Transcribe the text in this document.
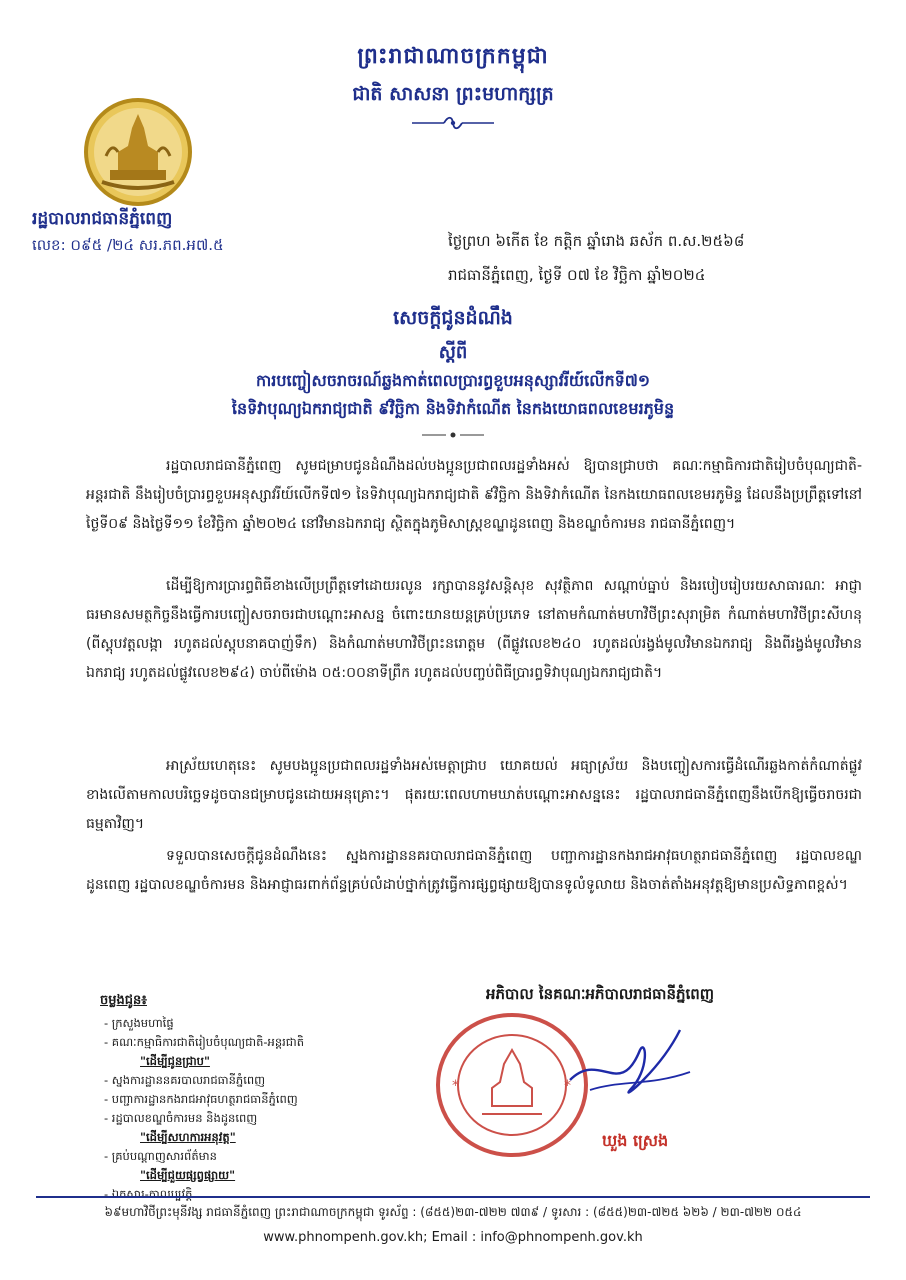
ព្រះរាជាណាចក្រកម្ពុជា
ជាតិ សាសនា ព្រះមហាក្សត្រ
រដ្ឋបាលរាជធានីភ្នំពេញ
លេខ: ០៩៥ /២៤ សរ.ភព.អ៧.៥	ថ្ងៃព្រហ ៦កើត ខែ កត្តិក ឆ្នាំរោង ឆស័ក ព.ស.២៥៦៨
រាជធានីភ្នំពេញ, ថ្ងៃទី ០៧ ខែ វិច្ឆិកា ឆ្នាំ២០២៤
សេចក្តីជូនដំណឹង
ស្តីពី
ការបញ្ចៀសចរាចរណ៍ឆ្លងកាត់ពេលប្រារព្ធខួបអនុស្សាវរីយ៍លើកទី៧១
នៃទិវាបុណ្យឯករាជ្យជាតិ ៩វិច្ឆិកា និងទិវាកំណើត នៃកងយោធពលខេមរភូមិន្ទ
រដ្ឋបាលរាជធានីភ្នំពេញ សូមជម្រាបជូនដំណឹងដល់បងប្អូនប្រជាពលរដ្ឋទាំងអស់ ឱ្យបានជ្រាបថា គណៈកម្មាធិការជាតិរៀបចំបុណ្យជាតិ-អន្តរជាតិ នឹងរៀបចំប្រារព្ធខួបអនុស្សាវរីយ៍លើកទី៧១ នៃទិវាបុណ្យឯករាជ្យជាតិ ៩វិច្ឆិកា និងទិវាកំណើត នៃកងយោធពលខេមរភូមិន្ទ ដែលនឹងប្រព្រឹត្តទៅនៅថ្ងៃទី០៩ និងថ្ងៃទី១១ ខែវិច្ឆិកា ឆ្នាំ២០២៤ នៅវិមានឯករាជ្យ ស្ថិតក្នុងភូមិសាស្ត្រខណ្ឌដូនពេញ និងខណ្ឌចំការមន រាជធានីភ្នំពេញ។
ដើម្បីឱ្យការប្រារព្ធពិធីខាងលើប្រព្រឹត្តទៅដោយរលូន រក្សាបាននូវសន្តិសុខ សុវត្ថិភាព សណ្តាប់ធ្នាប់ និងរបៀបរៀបរយសាធារណៈ អាជ្ញាធរមានសមត្ថកិច្ចនឹងធ្វើការបញ្ចៀសចរាចរជាបណ្តោះអាសន្ន ចំពោះយានយន្តគ្រប់ប្រភេទ នៅតាមកំណាត់មហាវិថីព្រះសុរាម្រិត កំណាត់មហាវិថីព្រះសីហនុ (ពីស្តុបវត្តលង្កា រហូតដល់ស្តុបនាគបាញ់ទឹក) និងកំណាត់មហាវិថីព្រះនរោត្តម (ពីផ្លូវលេខ២៤០ រហូតដល់រង្វង់មូលវិមានឯករាជ្យ និងពីរង្វង់មូលវិមានឯករាជ្យ រហូតដល់ផ្លូវលេខ២៩៤) ចាប់ពីម៉ោង ០៥:០០នាទីព្រឹក រហូតដល់បញ្ចប់ពិធីប្រារព្ធទិវាបុណ្យឯករាជ្យជាតិ។
អាស្រ័យហេតុនេះ សូមបងប្អូនប្រជាពលរដ្ឋទាំងអស់មេត្តាជ្រាប យោគយល់ អធ្យាស្រ័យ និងបញ្ចៀសការធ្វើដំណើរឆ្លងកាត់កំណាត់ផ្លូវខាងលើតាមកាលបរិច្ឆេទដូចបានជម្រាបជូនដោយអនុគ្រោះ។ ផុតរយៈពេលហាមឃាត់បណ្តោះអាសន្ននេះ រដ្ឋបាលរាជធានីភ្នំពេញនឹងបើកឱ្យធ្វើចរាចរជាធម្មតាវិញ។
ទទួលបានសេចក្តីជូនដំណឹងនេះ ស្នងការដ្ឋាននគរបាលរាជធានីភ្នំពេញ បញ្ជាការដ្ឋានកងរាជអាវុធហត្ថរាជធានីភ្នំពេញ រដ្ឋបាលខណ្ឌដូនពេញ រដ្ឋបាលខណ្ឌចំការមន និងអាជ្ញាធរពាក់ព័ន្ធគ្រប់លំដាប់ថ្នាក់ត្រូវធ្វើការផ្សព្វផ្សាយឱ្យបានទូលំទូលាយ និងចាត់តាំងអនុវត្តឱ្យមានប្រសិទ្ធភាពខ្ពស់។
អភិបាល នៃគណៈអភិបាលរាជធានីភ្នំពេញ
*	*
ឃួង ស្រេង
ចម្លងជូន៖
- ក្រសួងមហាផ្ទៃ
- គណៈកម្មាធិការជាតិរៀបចំបុណ្យជាតិ-អន្តរជាតិ
"ដើម្បីជូនជ្រាប"
- ស្នងការដ្ឋាននគរបាលរាជធានីភ្នំពេញ
- បញ្ជាការដ្ឋានកងរាជអាវុធហត្ថរាជធានីភ្នំពេញ
- រដ្ឋបាលខណ្ឌចំការមន និងដូនពេញ
"ដើម្បីសហការអនុវត្ត"
- គ្រប់បណ្តាញសារព័ត៌មាន
"ដើម្បីជួយផ្សព្វផ្សាយ"
- ឯកសារ-កាលប្បវត្តិ
៦៩មហាវិថីព្រះមុនីវង្ស រាជធានីភ្នំពេញ ព្រះរាជាណាចក្រកម្ពុជា ទូរស័ព្ទ : (៨៥៥)២៣-៧២២ ៧៣៩ / ទូរសារ : (៨៥៥)២៣-៧២៥ ៦២៦ / ២៣-៧២២ ០៥៤
www.phnompenh.gov.kh; Email : info@phnompenh.gov.kh
